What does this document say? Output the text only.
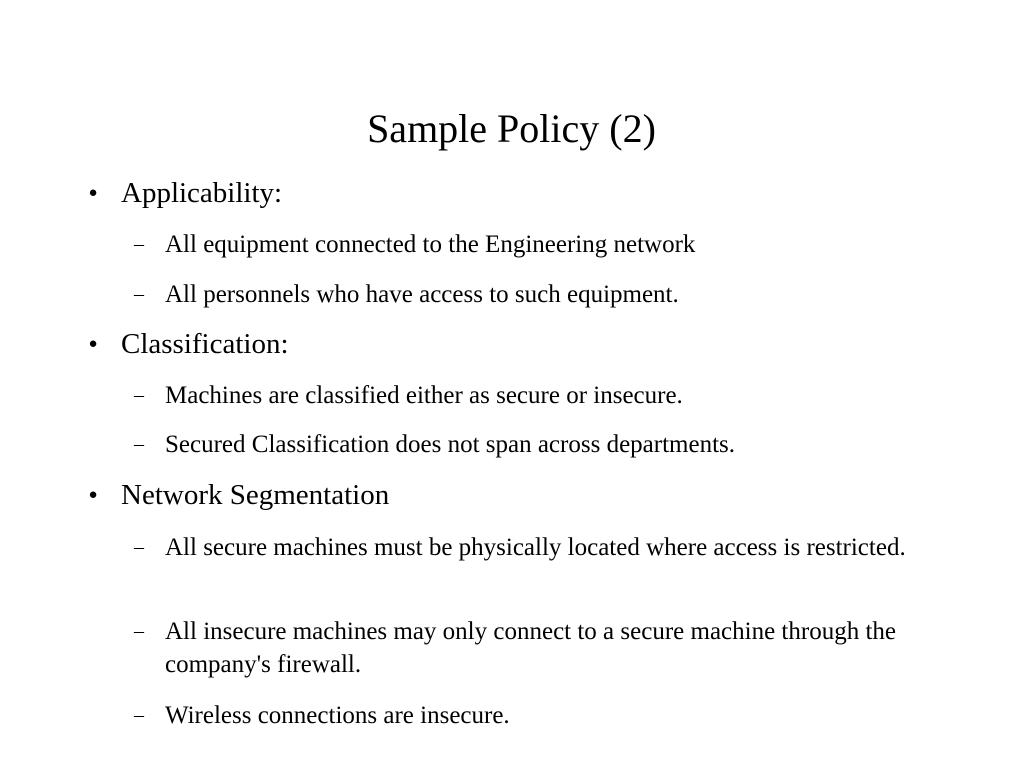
Sample Policy (2)
● Applicability:
– All equipment connected to the Engineering network
– All personnels who have access to such equipment.
● Classification:
– Machines are classified either as secure or insecure.
– Secured Classification does not span across departments.
● Network Segmentation
– All secure machines must be physically located where access is restricted.
– All insecure machines may only connect to a secure machine through the company's firewall.
– Wireless connections are insecure.
